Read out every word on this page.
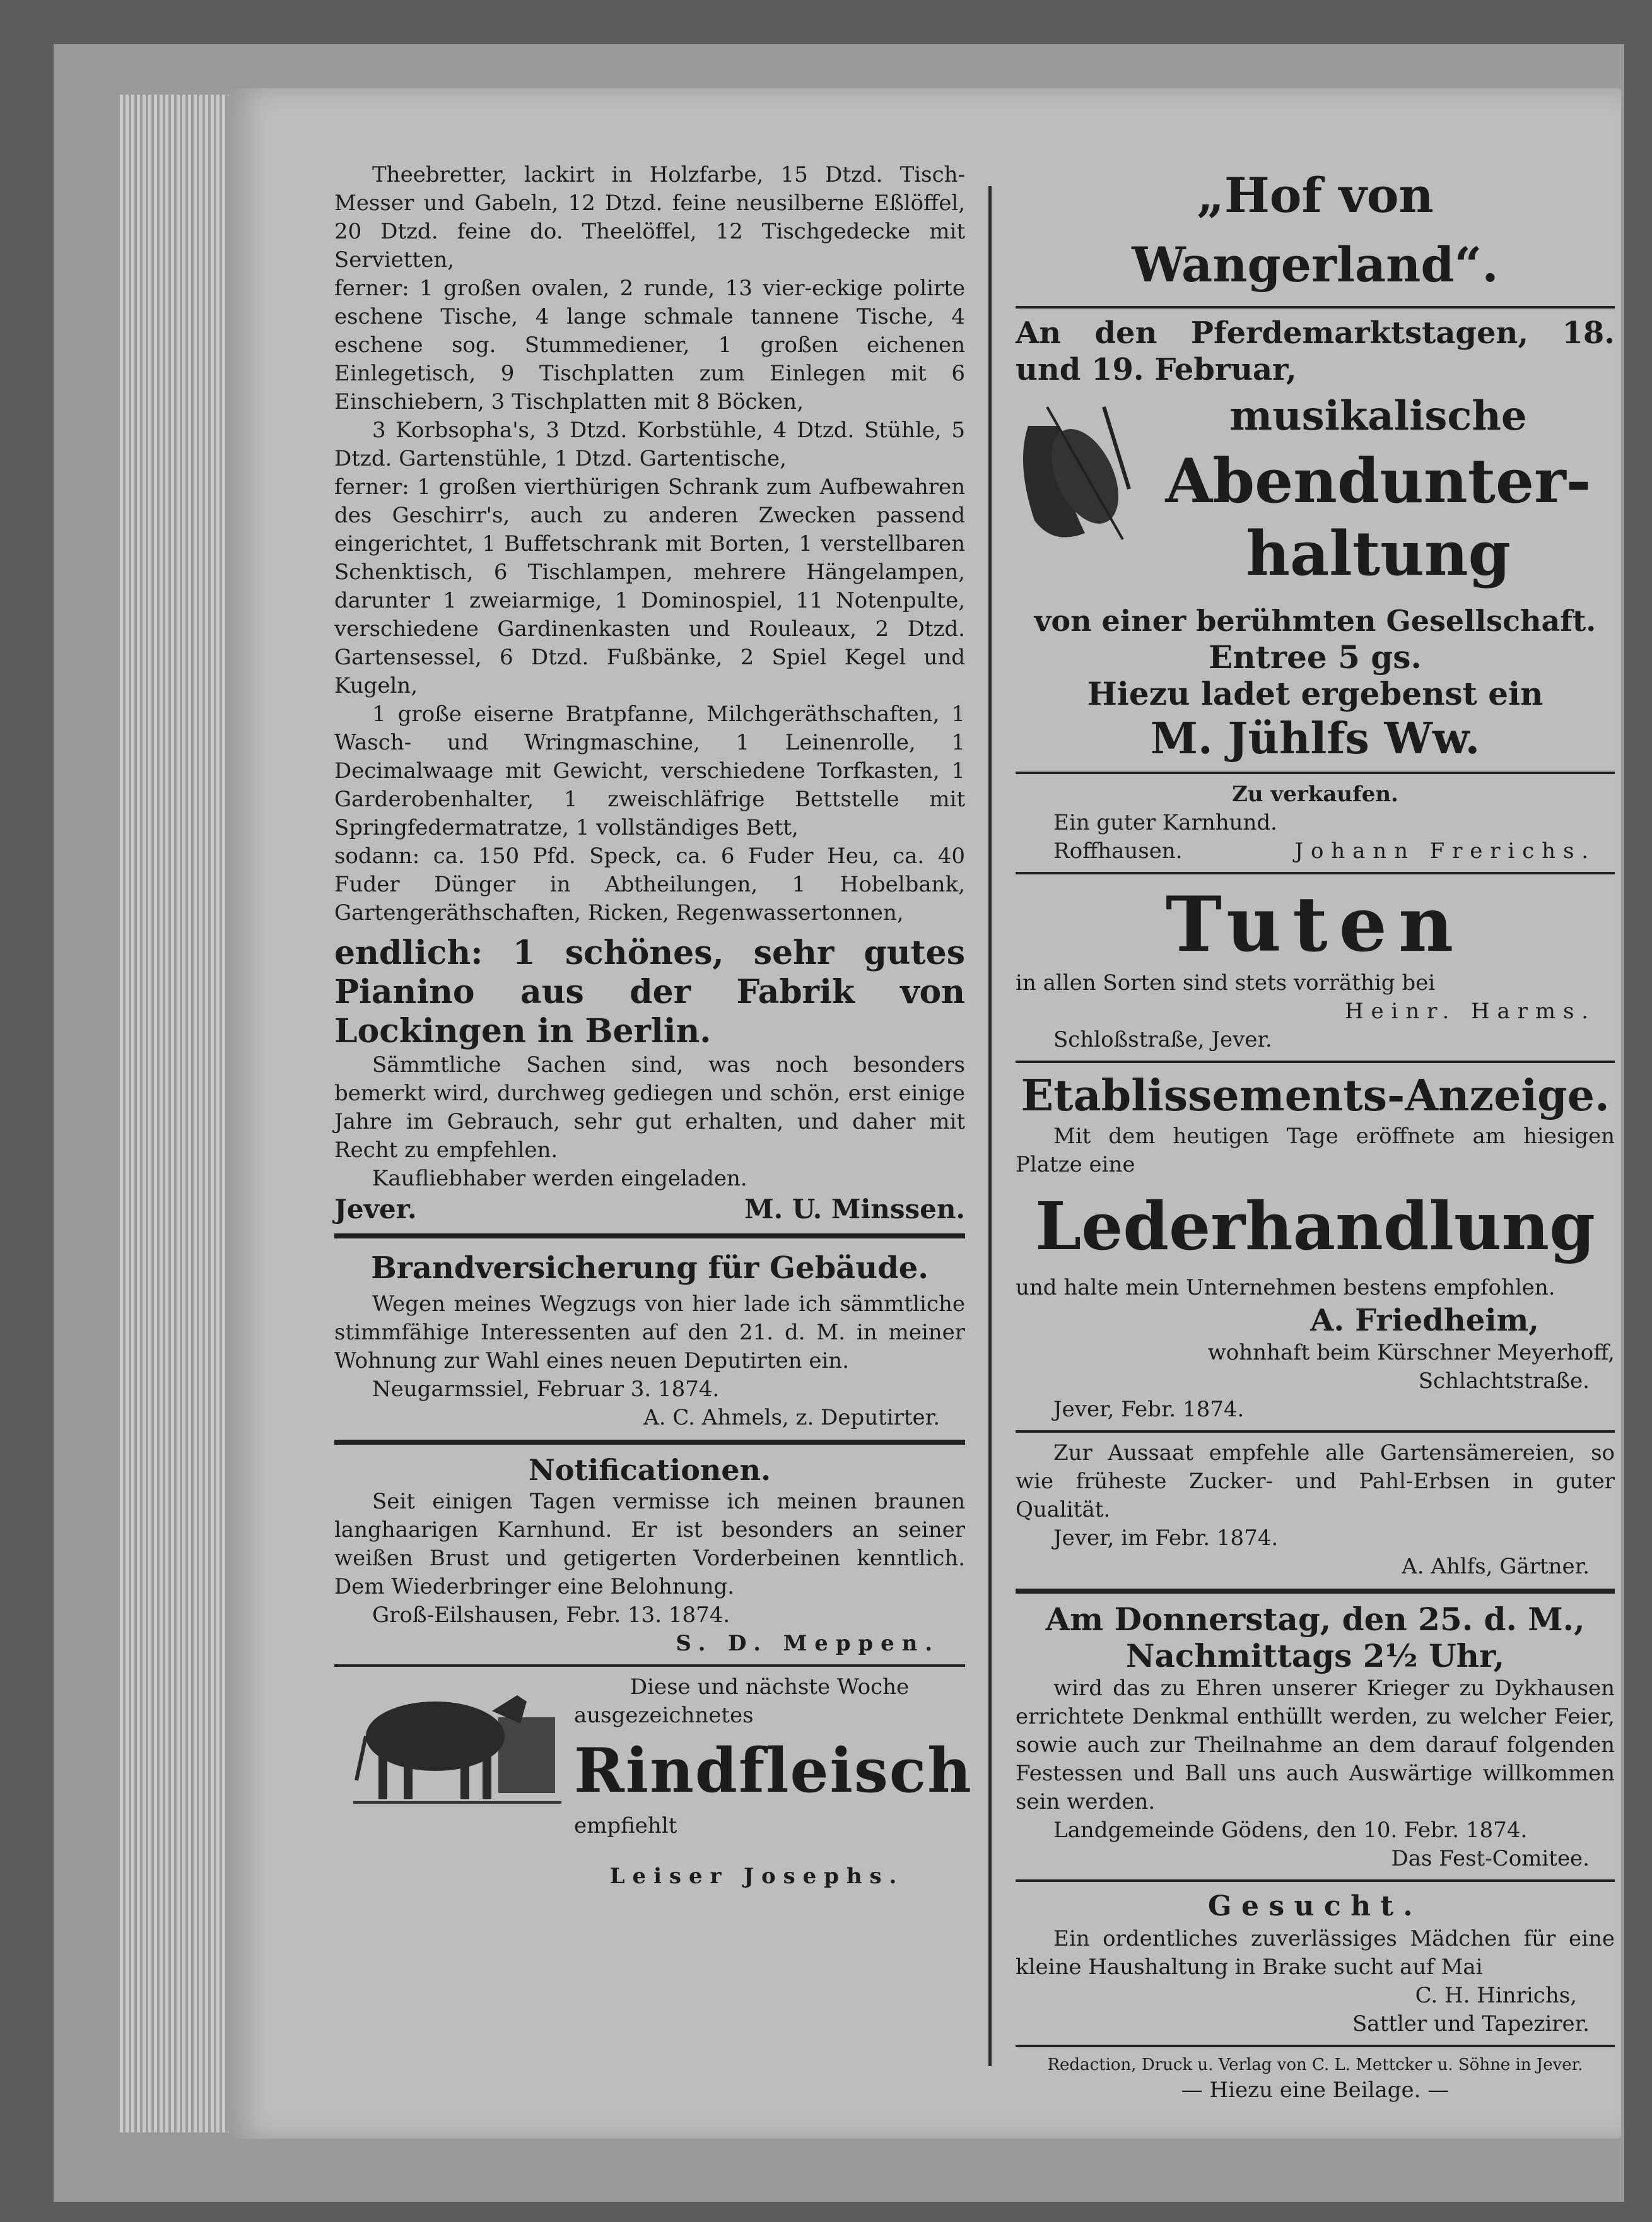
Theebretter, lackirt in Holzfarbe, 15 Dtzd. Tisch-Messer und Gabeln, 12 Dtzd. feine neusilberne Eßlöffel, 20 Dtzd. feine do. Theelöffel, 12 Tischgedecke mit Servietten,

ferner: 1 großen ovalen, 2 runde, 13 vier-eckige polirte eschene Tische, 4 lange schmale tannene Tische, 4 eschene sog. Stummediener, 1 großen eichenen Einlegetisch, 9 Tischplatten zum Einlegen mit 6 Einschiebern, 3 Tischplatten mit 8 Böcken,

3 Korbsopha's, 3 Dtzd. Korbstühle, 4 Dtzd. Stühle, 5 Dtzd. Gartenstühle, 1 Dtzd. Gartentische,

ferner: 1 großen vierthürigen Schrank zum Aufbewahren des Geschirr's, auch zu anderen Zwecken passend eingerichtet, 1 Buffetschrank mit Borten, 1 verstellbaren Schenktisch, 6 Tischlampen, mehrere Hängelampen, darunter 1 zweiarmige, 1 Dominospiel, 11 Notenpulte, verschiedene Gardinenkasten und Rouleaux, 2 Dtzd. Gartensessel, 6 Dtzd. Fußbänke, 2 Spiel Kegel und Kugeln,

1 große eiserne Bratpfanne, Milchgeräthschaften, 1 Wasch- und Wringmaschine, 1 Leinenrolle, 1 Decimalwaage mit Gewicht, verschiedene Torfkasten, 1 Garderobenhalter, 1 zweischläfrige Bettstelle mit Springfedermatratze, 1 vollständiges Bett,

sodann: ca. 150 Pfd. Speck, ca. 6 Fuder Heu, ca. 40 Fuder Dünger in Abtheilungen, 1 Hobelbank, Gartengeräthschaften, Ricken, Regenwassertonnen,

endlich: 1 schönes, sehr gutes Pianino aus der Fabrik von Lockingen in Berlin.

Sämmtliche Sachen sind, was noch besonders bemerkt wird, durchweg gediegen und schön, erst einige Jahre im Gebrauch, sehr gut erhalten, und daher mit Recht zu empfehlen.

Kaufliebhaber werden eingeladen.

Jever.	M. U. Minssen.
Brandversicherung für Gebäude.

Wegen meines Wegzugs von hier lade ich sämmtliche stimmfähige Interessenten auf den 21. d. M. in meiner Wohnung zur Wahl eines neuen Deputirten ein.

Neugarmssiel, Februar 3. 1874.

A. C. Ahmels, z. Deputirter.

Notificationen.

Seit einigen Tagen vermisse ich meinen braunen langhaarigen Karnhund. Er ist besonders an seiner weißen Brust und getigerten Vorderbeinen kenntlich. Dem Wiederbringer eine Belohnung.

Groß-Eilshausen, Febr. 13. 1874.

S. D. Meppen.

Diese und nächste Woche
ausgezeichnetes
Rindfleisch
empfiehlt
Leiser Josephs.
„Hof von Wangerland“.
An den Pferdemarktstagen, 18. und 19. Februar,
musikalische
Abendunter-
haltung
von einer berühmten Gesellschaft.
Entree 5 gs.
Hiezu ladet ergebenst ein
M. Jühlfs Ww.
Zu verkaufen.

Ein guter Karnhund.

Roffhausen.	Johann Frerichs.
Tuten

in allen Sorten sind stets vorräthig bei

Heinr. Harms.

Schloßstraße, Jever.

Etablissements-Anzeige.

Mit dem heutigen Tage eröffnete am hiesigen Platze eine

Lederhandlung

und halte mein Unternehmen bestens empfohlen.

A. Friedheim,

wohnhaft beim Kürschner Meyerhoff,

Schlachtstraße.

Jever, Febr. 1874.

Zur Aussaat empfehle alle Gartensämereien, so wie früheste Zucker- und Pahl-Erbsen in guter Qualität.

Jever, im Febr. 1874.

A. Ahlfs, Gärtner.

Am Donnerstag, den 25. d. M.,
Nachmittags 2½ Uhr,

wird das zu Ehren unserer Krieger zu Dykhausen errichtete Denkmal enthüllt werden, zu welcher Feier, sowie auch zur Theilnahme an dem darauf folgenden Festessen und Ball uns auch Auswärtige willkommen sein werden.

Landgemeinde Gödens, den 10. Febr. 1874.

Das Fest-Comitee.

Gesucht.

Ein ordentliches zuverlässiges Mädchen für eine kleine Haushaltung in Brake sucht auf Mai

C. H. Hinrichs,

Sattler und Tapezirer.

Redaction, Druck u. Verlag von C. L. Mettcker u. Söhne in Jever.

— Hiezu eine Beilage. —
